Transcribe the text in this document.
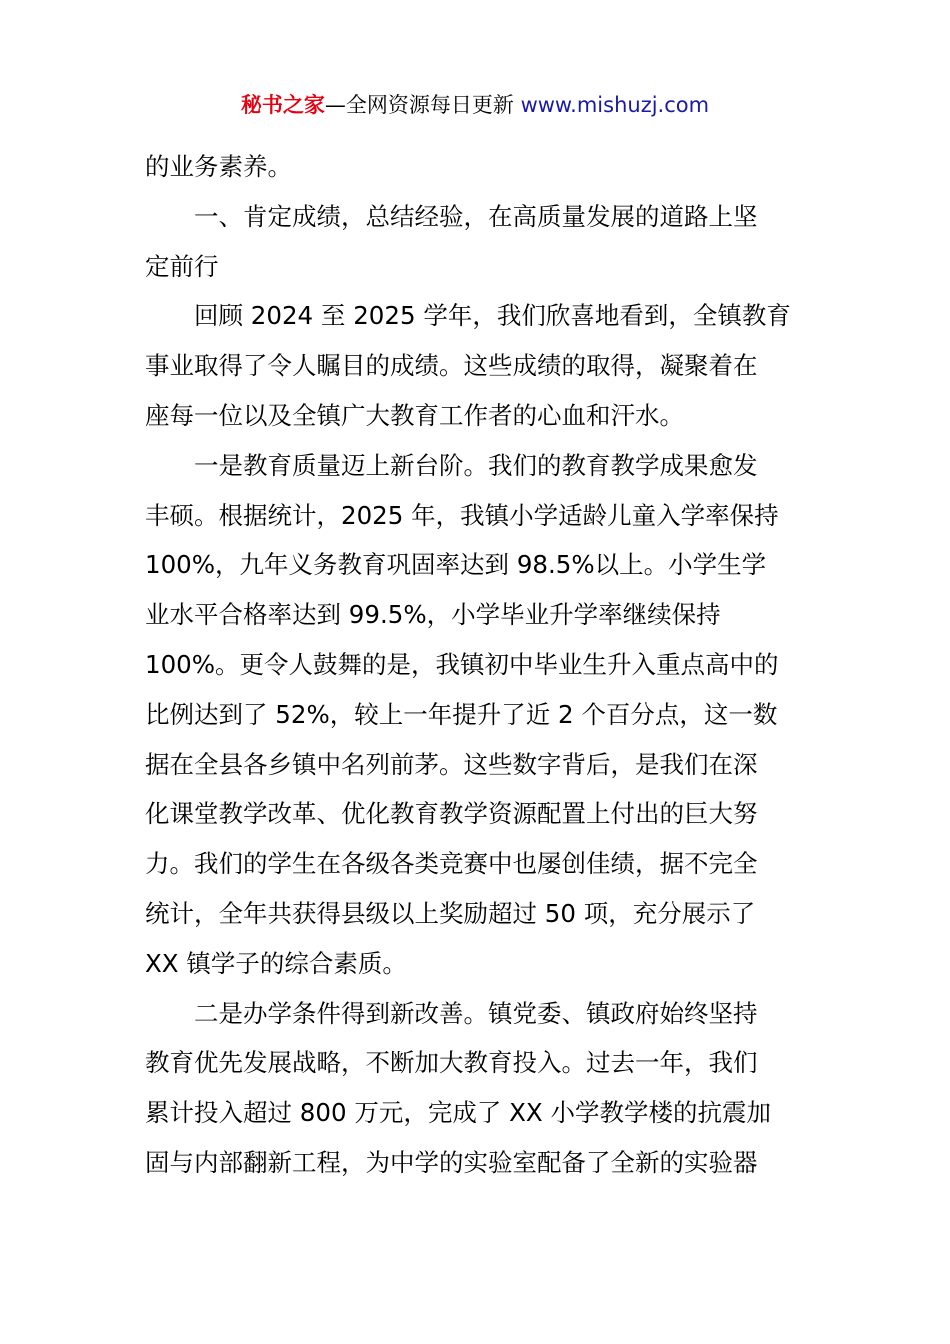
秘书之家—全网资源每日更新 www.mishuzj.com

的业务素养。

一、肯定成绩，总结经验，在高质量发展的道路上坚

定前行

回顾 2024 至 2025 学年，我们欣喜地看到，全镇教育

事业取得了令人瞩目的成绩。这些成绩的取得，凝聚着在

座每一位以及全镇广大教育工作者的心血和汗水。

一是教育质量迈上新台阶。我们的教育教学成果愈发

丰硕。根据统计，2025 年，我镇小学适龄儿童入学率保持

100%，九年义务教育巩固率达到 98.5%以上。小学生学

业水平合格率达到 99.5%，小学毕业升学率继续保持

100%。更令人鼓舞的是，我镇初中毕业生升入重点高中的

比例达到了 52%，较上一年提升了近 2 个百分点，这一数

据在全县各乡镇中名列前茅。这些数字背后，是我们在深

化课堂教学改革、优化教育教学资源配置上付出的巨大努

力。我们的学生在各级各类竞赛中也屡创佳绩，据不完全

统计，全年共获得县级以上奖励超过 50 项，充分展示了

XX 镇学子的综合素质。

二是办学条件得到新改善。镇党委、镇政府始终坚持

教育优先发展战略，不断加大教育投入。过去一年，我们

累计投入超过 800 万元，完成了 XX 小学教学楼的抗震加

固与内部翻新工程，为中学的实验室配备了全新的实验器
